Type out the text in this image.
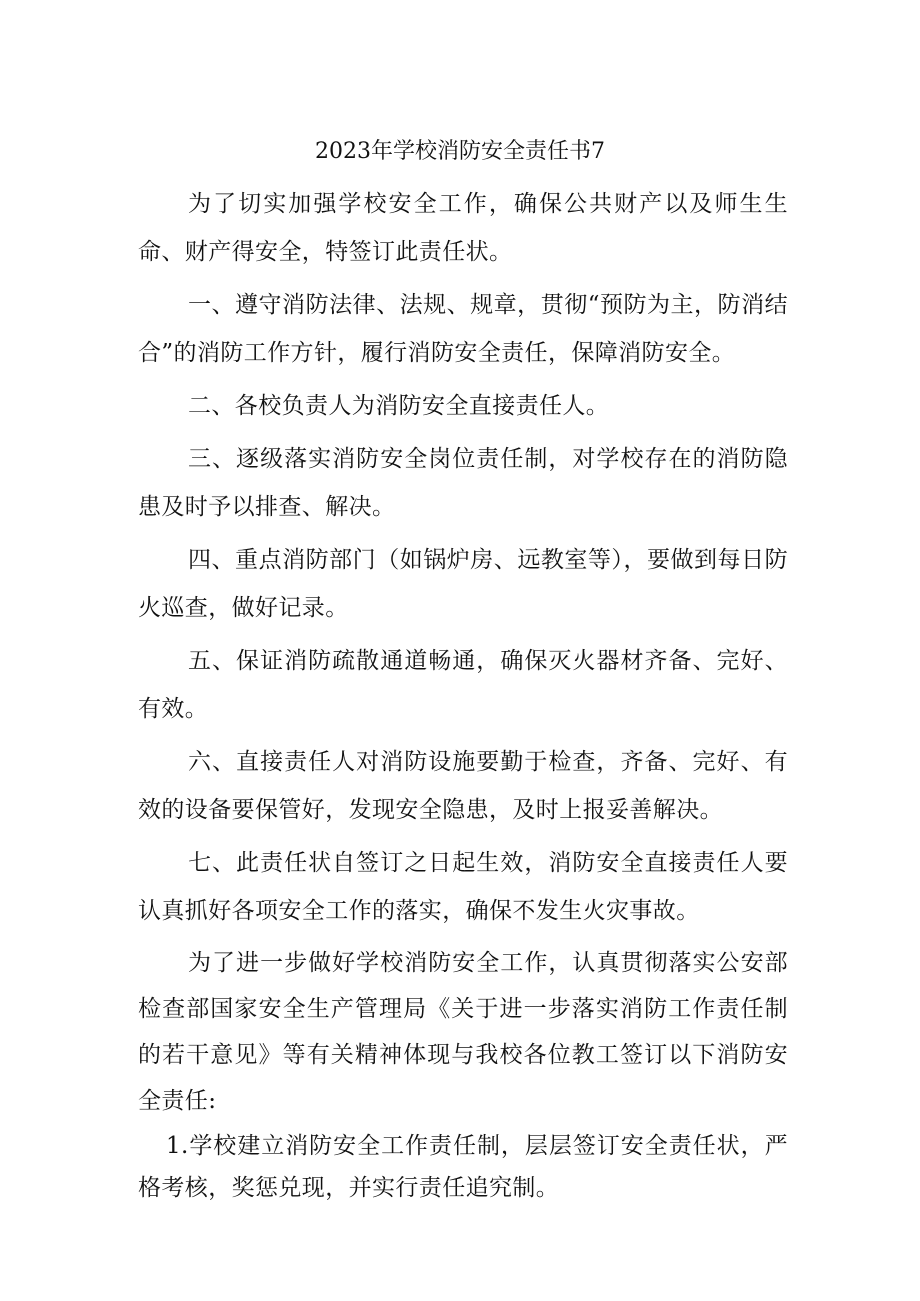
2023年学校消防安全责任书7

为了切实加强学校安全工作，确保公共财产以及师生生命、财产得安全，特签订此责任状。

一、遵守消防法律、法规、规章，贯彻“预防为主，防消结合”的消防工作方针，履行消防安全责任，保障消防安全。

二、各校负责人为消防安全直接责任人。

三、逐级落实消防安全岗位责任制，对学校存在的消防隐患及时予以排查、解决。

四、重点消防部门（如锅炉房、远教室等），要做到每日防火巡查，做好记录。

五、保证消防疏散通道畅通，确保灭火器材齐备、完好、有效。

六、直接责任人对消防设施要勤于检查，齐备、完好、有效的设备要保管好，发现安全隐患，及时上报妥善解决。

七、此责任状自签订之日起生效，消防安全直接责任人要认真抓好各项安全工作的落实，确保不发生火灾事故。

为了进一步做好学校消防安全工作，认真贯彻落实公安部检查部国家安全生产管理局《关于进一步落实消防工作责任制的若干意见》等有关精神体现与我校各位教工签订以下消防安全责任:

1.学校建立消防安全工作责任制，层层签订安全责任状，严格考核，奖惩兑现，并实行责任追究制。
